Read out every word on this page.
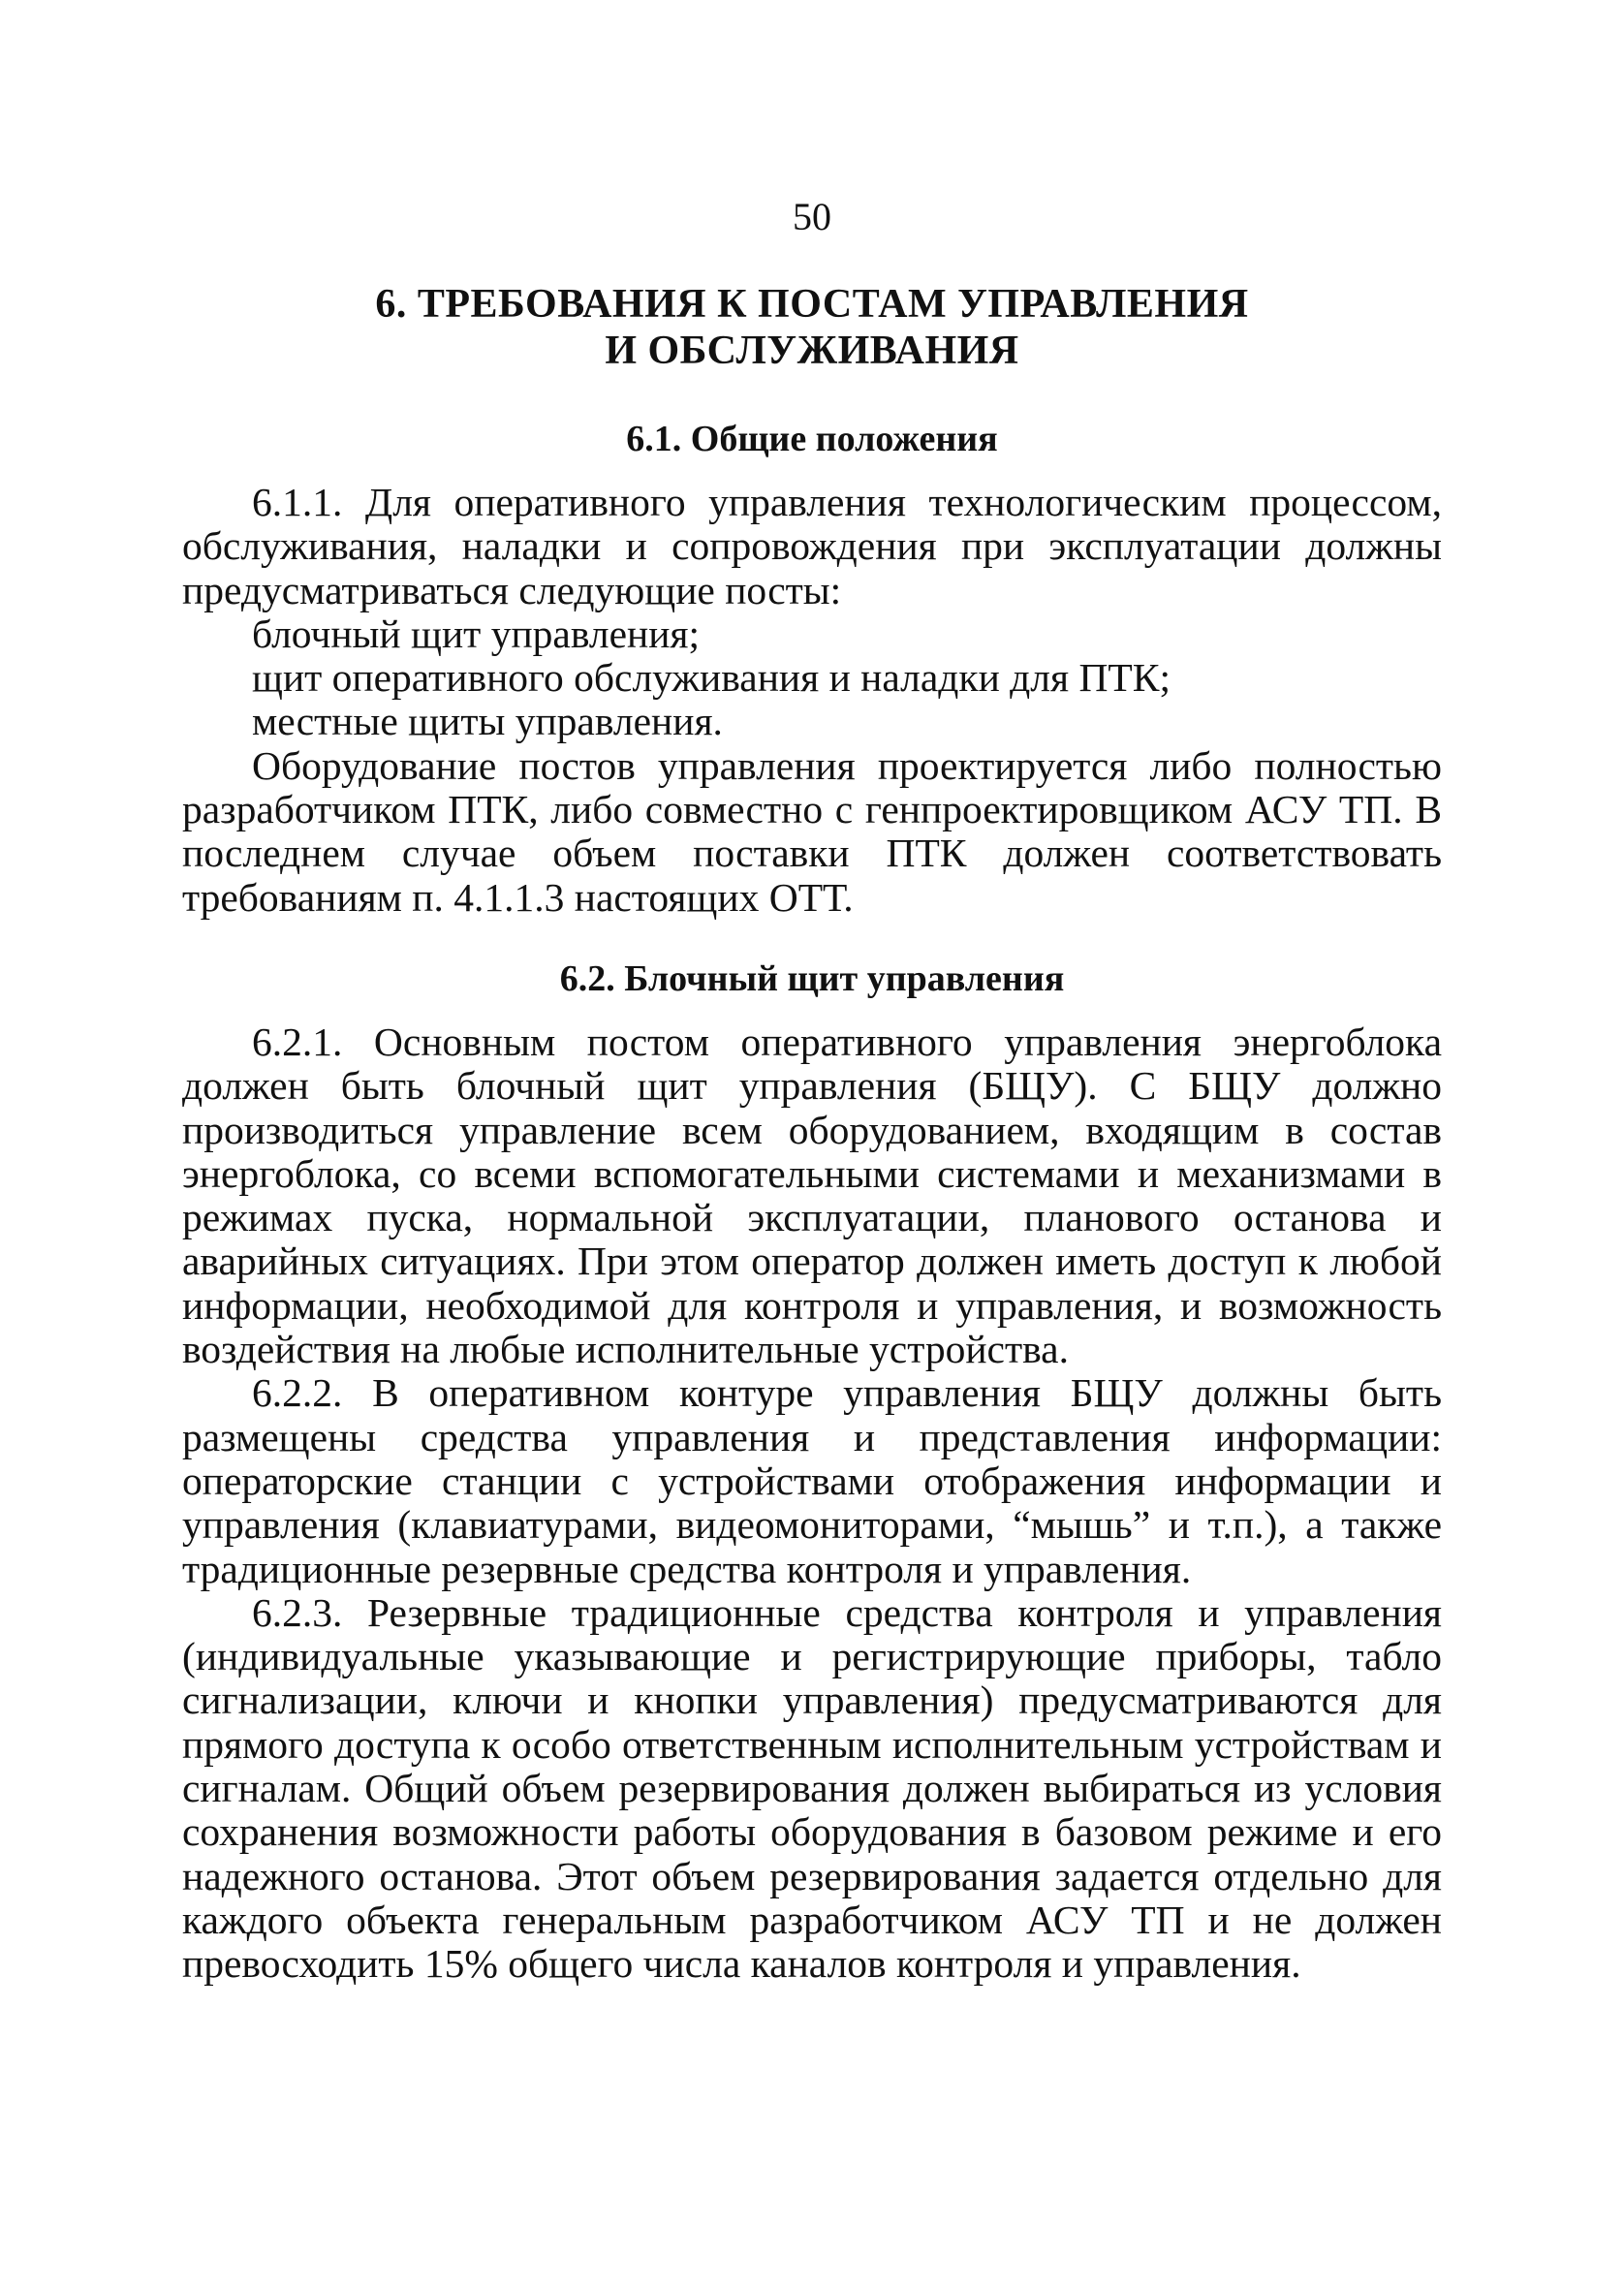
50
6. ТРЕБОВАНИЯ К ПОСТАМ УПРАВЛЕНИЯ
И ОБСЛУЖИВАНИЯ
6.1. Общие положения

6.1.1. Для оперативного управления технологическим процессом, обслуживания, наладки и сопровождения при эксплуатации должны предусматриваться следующие посты:

блочный щит управления;

щит оперативного обслуживания и наладки для ПТК;

местные щиты управления.

Оборудование постов управления проектируется либо полностью разработчиком ПТК, либо совместно с генпроектировщиком АСУ ТП. В последнем случае объем поставки ПТК должен соответствовать требованиям п. 4.1.1.3 настоящих ОТТ.

6.2. Блочный щит управления

6.2.1. Основным постом оперативного управления энергоблока должен быть блочный щит управления (БЩУ). С БЩУ должно производиться управление всем оборудованием, входящим в состав энергоблока, со всеми вспомогательными системами и механизмами в режимах пуска, нормальной эксплуатации, планового останова и аварийных ситуациях. При этом оператор должен иметь доступ к любой информации, необходимой для контроля и управления, и возможность воздействия на любые исполнительные устройства.

6.2.2. В оперативном контуре управления БЩУ должны быть размещены средства управления и представления информации: операторские станции с устройствами отображения информации и управления (клавиатурами, видеомониторами, “мышь” и т.п.), а также традиционные резервные средства контроля и управления.

6.2.3. Резервные традиционные средства контроля и управления (индивидуальные указывающие и регистрирующие приборы, табло сигнализации, ключи и кнопки управления) предусматриваются для прямого доступа к особо ответственным исполнительным устройствам и сигналам. Общий объем резервирования должен выбираться из условия сохранения возможности работы оборудования в базовом режиме и его надежного останова. Этот объем резервирования задается отдельно для каждого объекта генеральным разработчиком АСУ ТП и не должен превосходить 15% общего числа каналов контроля и управления.
